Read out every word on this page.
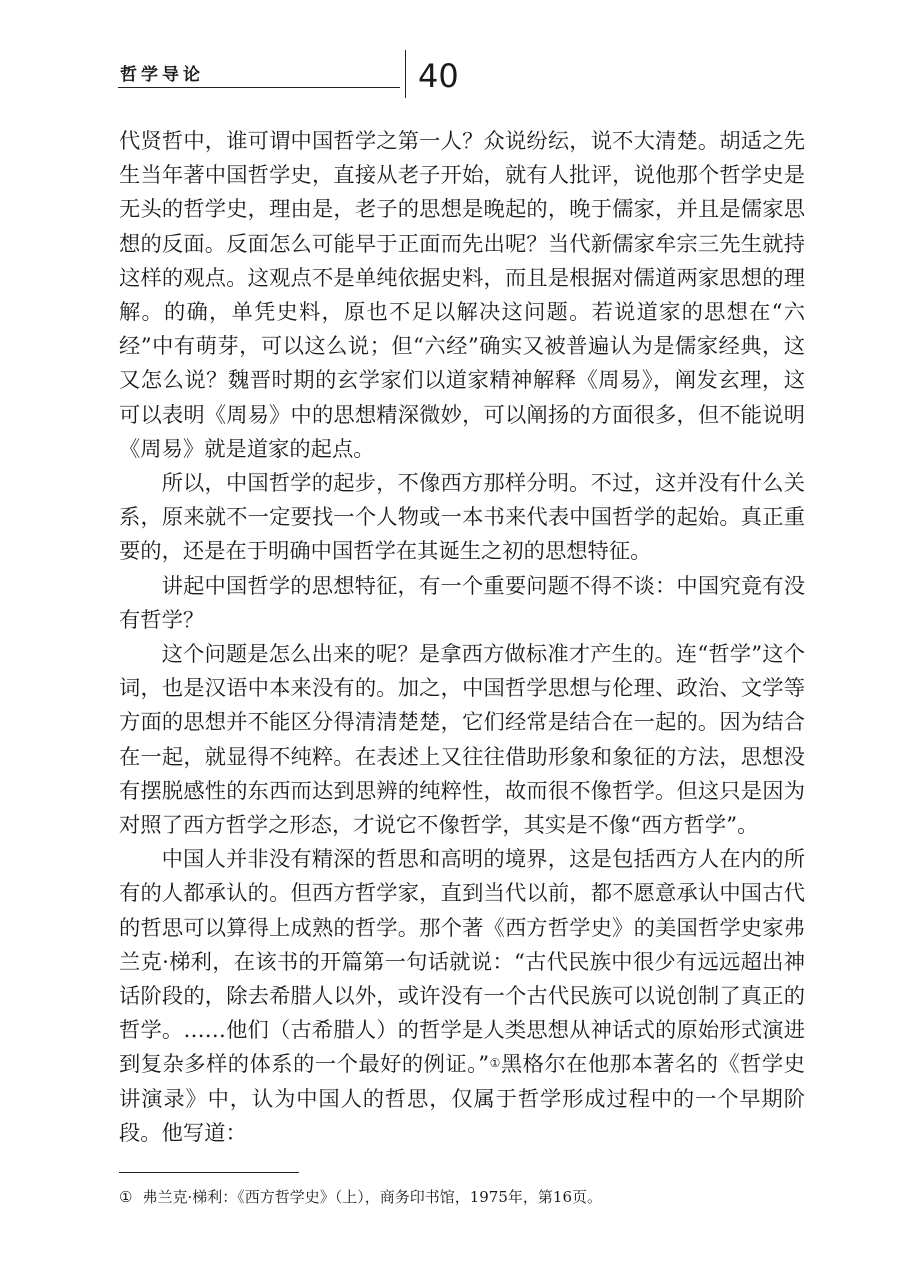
哲学导论	40

代贤哲中，谁可谓中国哲学之第一人？众说纷纭，说不大清楚。胡适之先生当年著中国哲学史，直接从老子开始，就有人批评，说他那个哲学史是无头的哲学史，理由是，老子的思想是晚起的，晚于儒家，并且是儒家思想的反面。反面怎么可能早于正面而先出呢？当代新儒家牟宗三先生就持这样的观点。这观点不是单纯依据史料，而且是根据对儒道两家思想的理解。的确，单凭史料，原也不足以解决这问题。若说道家的思想在“六经”中有萌芽，可以这么说；但“六经”确实又被普遍认为是儒家经典，这又怎么说？魏晋时期的玄学家们以道家精神解释《周易》，阐发玄理，这可以表明《周易》中的思想精深微妙，可以阐扬的方面很多，但不能说明《周易》就是道家的起点。

所以，中国哲学的起步，不像西方那样分明。不过，这并没有什么关系，原来就不一定要找一个人物或一本书来代表中国哲学的起始。真正重要的，还是在于明确中国哲学在其诞生之初的思想特征。

讲起中国哲学的思想特征，有一个重要问题不得不谈：中国究竟有没有哲学？

这个问题是怎么出来的呢？是拿西方做标准才产生的。连“哲学”这个词，也是汉语中本来没有的。加之，中国哲学思想与伦理、政治、文学等方面的思想并不能区分得清清楚楚，它们经常是结合在一起的。因为结合在一起，就显得不纯粹。在表述上又往往借助形象和象征的方法，思想没有摆脱感性的东西而达到思辨的纯粹性，故而很不像哲学。但这只是因为对照了西方哲学之形态，才说它不像哲学，其实是不像“西方哲学”。

中国人并非没有精深的哲思和高明的境界，这是包括西方人在内的所有的人都承认的。但西方哲学家，直到当代以前，都不愿意承认中国古代的哲思可以算得上成熟的哲学。那个著《西方哲学史》的美国哲学史家弗兰克·梯利，在该书的开篇第一句话就说：“古代民族中很少有远远超出神话阶段的，除去希腊人以外，或许没有一个古代民族可以说创制了真正的哲学。……他们（古希腊人）的哲学是人类思想从神话式的原始形式演进到复杂多样的体系的一个最好的例证。”①黑格尔在他那本著名的《哲学史讲演录》中，认为中国人的哲思，仅属于哲学形成过程中的一个早期阶段。他写道：

① 弗兰克·梯利：《西方哲学史》（上），商务印书馆，1975年，第16页。
